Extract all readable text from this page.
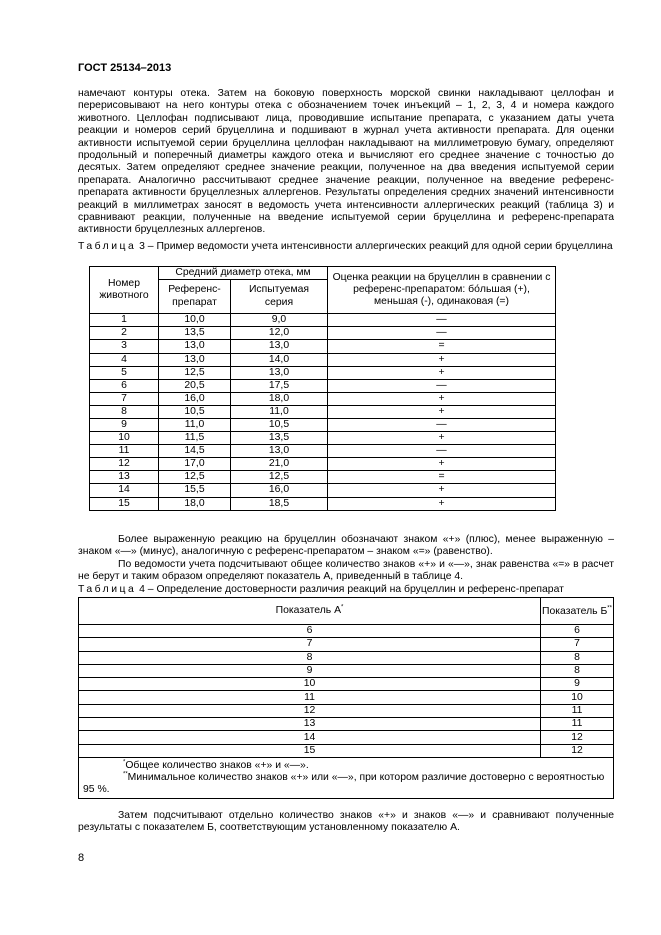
ГОСТ 25134–2013

намечают контуры отека. Затем на боковую поверхность морской свинки накладывают целлофан и перерисовывают на него контуры отека с обозначением точек инъекций – 1, 2, 3, 4 и номера каждого животного. Целлофан подписывают лица, проводившие испытание препарата, с указанием даты учета реакции и номеров серий бруцеллина и подшивают в журнал учета активности препарата. Для оценки активности испытуемой серии бруцеллина целлофан накладывают на миллиметровую бумагу, определяют продольный и поперечный диаметры каждого отека и вычисляют его среднее значение с точностью до десятых. Затем определяют среднее значение реакции, полученное на два введения испытуемой серии препарата. Аналогично рассчитывают среднее значение реакции, полученное на введение референс-препарата активности бруцеллезных аллергенов. Результаты определения средних значений интенсивности реакций в миллиметрах заносят в ведомость учета интенсивности аллергических реакций (таблица 3) и сравнивают реакции, полученные на введение испытуемой серии бруцеллина и референс-препарата активности бруцеллезных аллергенов.

Таблица 3 – Пример ведомости учета интенсивности аллергических реакций для одной серии бруцеллина
Номер животного	Средний диаметр отека, мм		Оценка реакции на бруцеллин в сравнении с референс-препаратом: бо́льшая (+), меньшая (-), одинаковая (=)
	Референс-препарат	Испытуемая серия	
1	10,0	9,0	—
2	13,5	12,0	—
3	13,0	13,0	=
4	13,0	14,0	+
5	12,5	13,0	+
6	20,5	17,5	—
7	16,0	18,0	+
8	10,5	11,0	+
9	11,0	10,5	—
10	11,5	13,5	+
11	14,5	13,0	—
12	17,0	21,0	+
13	12,5	12,5	=
14	15,5	16,0	+
15	18,0	18,5	+

Более выраженную реакцию на бруцеллин обозначают знаком «+» (плюс), менее выраженную – знаком «—» (минус), аналогичную с референс-препаратом – знаком «=» (равенство).

По ведомости учета подсчитывают общее количество знаков «+» и «—», знак равенства «=» в расчет не берут и таким образом определяют показатель А, приведенный в таблице 4.

Таблица 4 – Определение достоверности различия реакций на бруцеллин и референс-препарат
Показатель А*	Показатель Б**
6	6
7	7
8	8
9	8
10	9
11	10
12	11
13	11
14	12
15	12

*Общее количество знаков «+» и «—».
**Минимальное количество знаков «+» или «—», при котором различие достоверно с вероятностью 95 %.	

Затем подсчитывают отдельно количество знаков «+» и знаков «—» и сравнивают полученные результаты с показателем Б, соответствующим установленному показателю А.

8
